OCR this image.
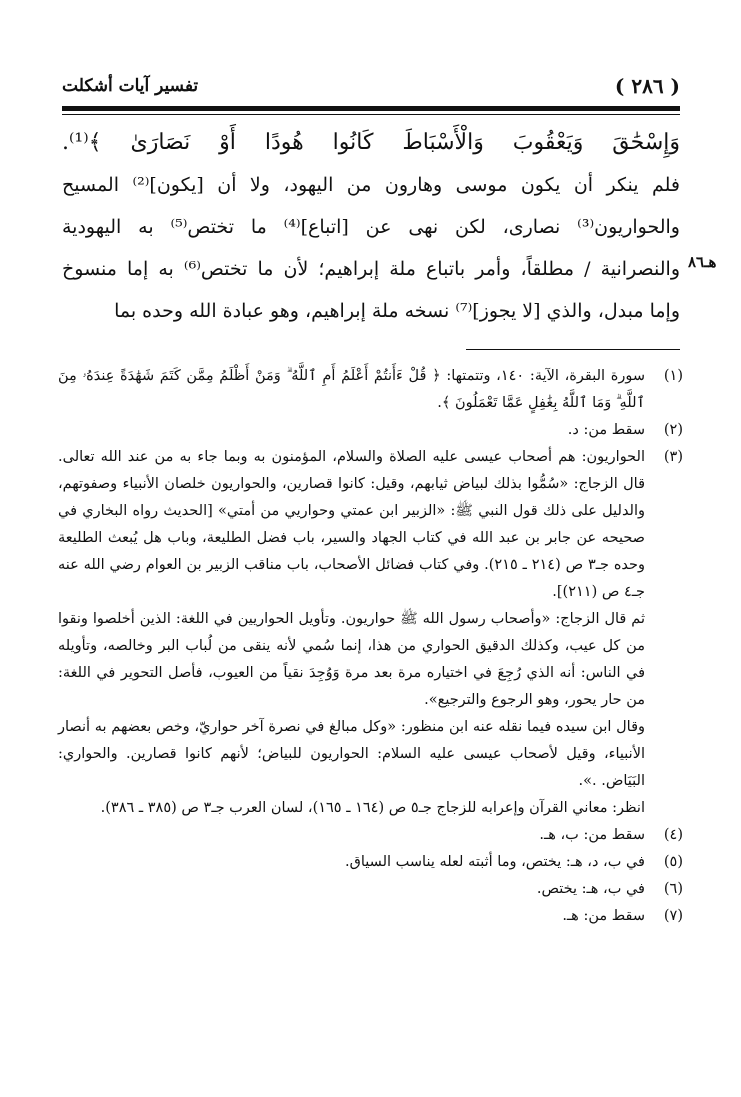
( ٢٨٦ )
تفسير آيات أشكلت

وَإِسْحَٰقَ وَيَعْقُوبَ وَالْأَسْبَاطَ كَانُوا هُودًا أَوْ نَصَارَىٰ ﴾⁽¹⁾.

فلم ينكر أن يكون موسى وهارون من اليهود، ولا أن [يكون]⁽²⁾ المسيح

والحواريون⁽³⁾ نصارى، لكن نهى عن [اتباع]⁽⁴⁾ ما تختص⁽⁵⁾ به اليهودية

والنصرانية / مطلقاً، وأمر باتباع ملة إبراهيم؛ لأن ما تختص⁽⁶⁾ به إما منسوخ

وإما مبدل، والذي [لا يجوز]⁽⁷⁾ نسخه ملة إبراهيم، وهو عبادة الله وحده بما

هـ٨٦
(١)

سورة البقرة، الآية: ١٤٠، وتتمتها: ﴿ قُلْ ءَأَنتُمْ أَعْلَمُ أَمِ ٱللَّهُ ۗ وَمَنْ أَظْلَمُ مِمَّن كَتَمَ شَهَٰدَةً عِندَهُۥ مِنَ ٱللَّهِ ۗ وَمَا ٱللَّهُ بِغَٰفِلٍ عَمَّا تَعْمَلُونَ ﴾.

(٢)

سقط من: د.

(٣)

الحواريون: هم أصحاب عيسى عليه الصلاة والسلام، المؤمنون به وبما جاء به من عند الله تعالى. قال الزجاج: «سُمُّوا بذلك لبياض ثيابهم، وقيل: كانوا قصارين، والحواريون خلصان الأنبياء وصفوتهم، والدليل على ذلك قول النبي ﷺ: «الزبير ابن عمتي وحواريي من أمتي» [الحديث رواه البخاري في صحيحه عن جابر بن عبد الله في كتاب الجهاد والسير، باب فضل الطليعة، وباب هل يُبعث الطليعة وحده جـ٣ ص (٢١٤ ـ ٢١٥). وفي كتاب فضائل الأصحاب، باب مناقب الزبير بن العوام رضي الله عنه جـ٤ ص (٢١١)].

ثم قال الزجاج: «وأصحاب رسول الله ﷺ حواريون. وتأويل الحواريين في اللغة: الذين أخلصوا ونقوا من كل عيب، وكذلك الدقيق الحواري من هذا، إنما سُمي لأنه ينقى من لُباب البر وخالصه، وتأويله في الناس: أنه الذي رُجِعَ في اختياره مرة بعد مرة وَوُجِدَ نقياً من العيوب، فأصل التحوير في اللغة: من حار يحور، وهو الرجوع والترجيع».

وقال ابن سيده فيما نقله عنه ابن منظور: «وكل مبالغ في نصرة آخر حواريّ، وخص بعضهم به أنصار الأنبياء، وقيل لأصحاب عيسى عليه السلام: الحواريون للبياض؛ لأنهم كانوا قصارين. والحواري: البَيَاض. .».

انظر: معاني القرآن وإعرابه للزجاج جـ٥ ص (١٦٤ ـ ١٦٥)، لسان العرب جـ٣ ص (٣٨٥ ـ ٣٨٦).

(٤)

سقط من: ب، هـ.

(٥)

في ب، د، هـ: يختص، وما أثبته لعله يناسب السياق.

(٦)

في ب، هـ: يختص.

(٧)

سقط من: هـ.
